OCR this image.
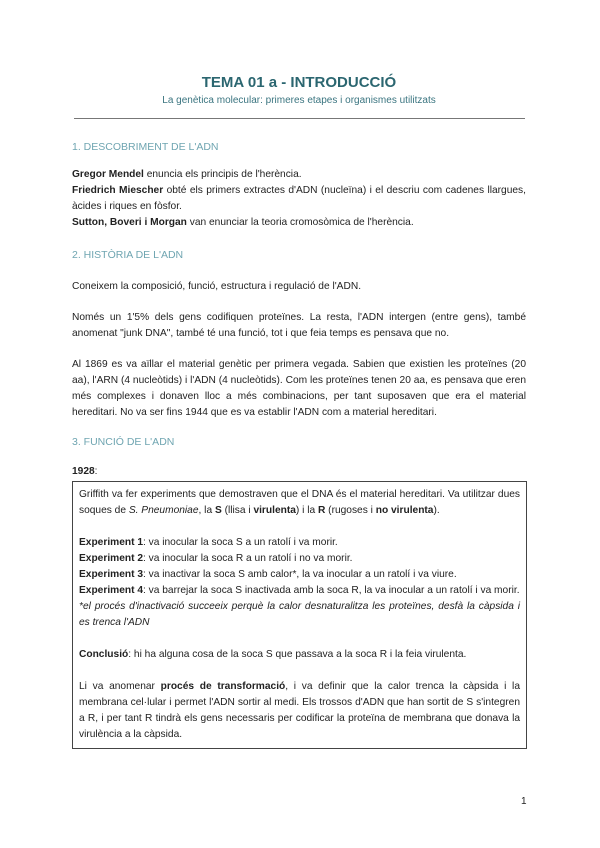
TEMA 01 a - INTRODUCCIÓ
La genètica molecular: primeres etapes i organismes utilitzats
1. DESCOBRIMENT DE L'ADN
Gregor Mendel enuncia els principis de l'herència.
Friedrich Miescher obté els primers extractes d'ADN (nucleïna) i el descriu com cadenes llargues, àcides i riques en fòsfor.
Sutton, Boveri i Morgan van enunciar la teoria cromosòmica de l'herència.
2. HISTÒRIA DE L'ADN
Coneixem la composició, funció, estructura i regulació de l'ADN.
Només un 1'5% dels gens codifiquen proteïnes. La resta, l'ADN intergen (entre gens), també anomenat "junk DNA", també té una funció, tot i que feia temps es pensava que no.
Al 1869 es va aïllar el material genètic per primera vegada. Sabien que existien les proteïnes (20 aa), l'ARN (4 nucleòtids) i l'ADN (4 nucleòtids). Com les proteïnes tenen 20 aa, es pensava que eren més complexes i donaven lloc a més combinacions, per tant suposaven que era el material hereditari. No va ser fins 1944 que es va establir l'ADN com a material hereditari.
3. FUNCIÓ DE L'ADN
1928:
Griffith va fer experiments que demostraven que el DNA és el material hereditari. Va utilitzar dues soques de S. Pneumoniae, la S (llisa i virulenta) i la R (rugoses i no virulenta).
Experiment 1: va inocular la soca S a un ratolí i va morir.
Experiment 2: va inocular la soca R a un ratolí i no va morir.
Experiment 3: va inactivar la soca S amb calor*, la va inocular a un ratolí i va viure.
Experiment 4: va barrejar la soca S inactivada amb la soca R, la va inocular a un ratolí i va morir.
*el procés d'inactivació succeeix perquè la calor desnaturalitza les proteïnes, desfà la càpsida i es trenca l'ADN
Conclusió: hi ha alguna cosa de la soca S que passava a la soca R i la feia virulenta.
Li va anomenar procés de transformació, i va definir que la calor trenca la càpsida i la membrana cel·lular i permet l'ADN sortir al medi. Els trossos d'ADN que han sortit de S s'integren a R, i per tant R tindrà els gens necessaris per codificar la proteïna de membrana que donava la virulència a la càpsida.
1
